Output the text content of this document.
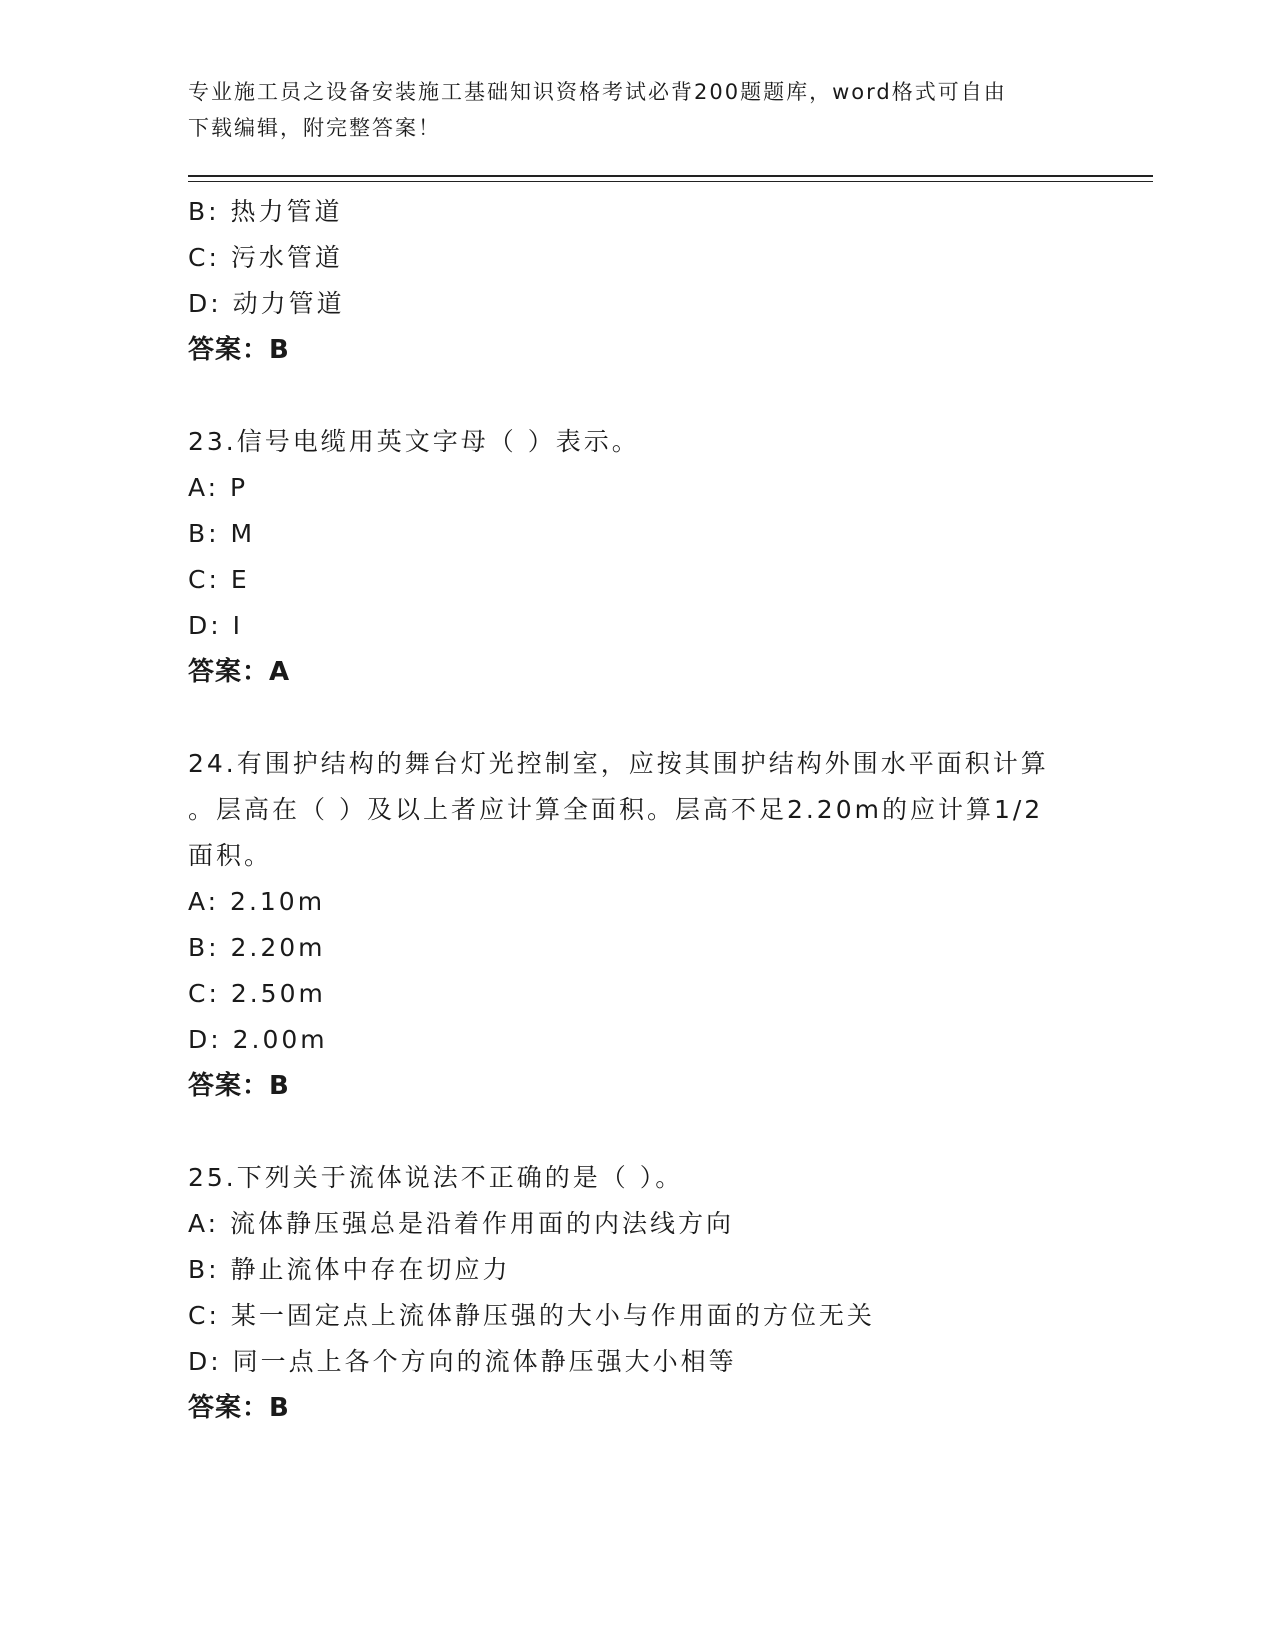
专业施工员之设备安装施工基础知识资格考试必背200题题库，word格式可自由
下载编辑，附完整答案！
B: 热力管道
C: 污水管道
D: 动力管道
答案：B
23.信号电缆用英文字母（ ）表示。
A: P
B: M
C: E
D: I
答案：A
24.有围护结构的舞台灯光控制室，应按其围护结构外围水平面积计算
。层高在（ ）及以上者应计算全面积。层高不足2.20m的应计算1/2
面积。
A: 2.10m
B: 2.20m
C: 2.50m
D: 2.00m
答案：B
25.下列关于流体说法不正确的是（ ）。
A: 流体静压强总是沿着作用面的内法线方向
B: 静止流体中存在切应力
C: 某一固定点上流体静压强的大小与作用面的方位无关
D: 同一点上各个方向的流体静压强大小相等
答案：B
